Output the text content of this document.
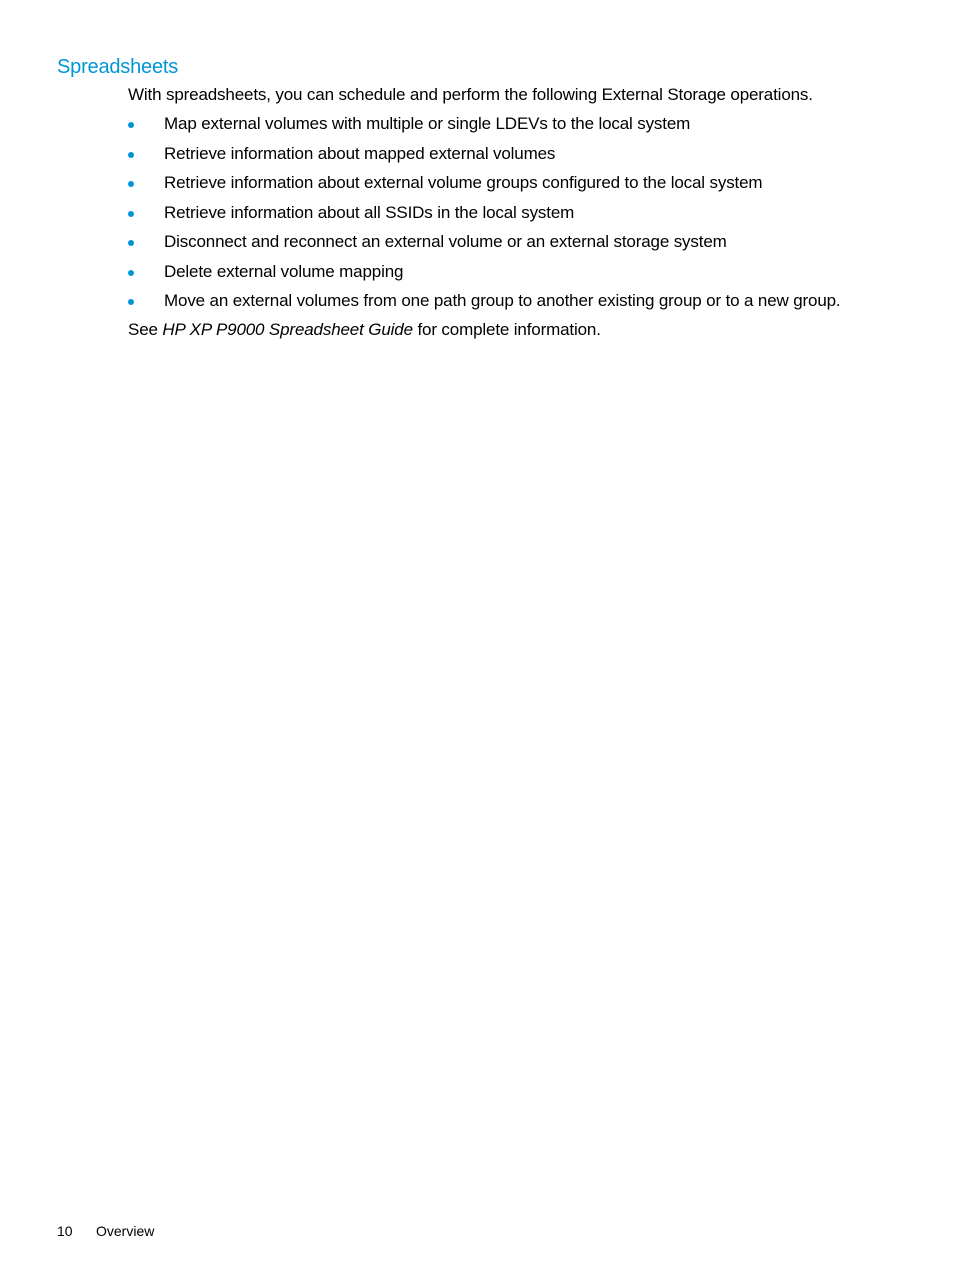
Spreadsheets

With spreadsheets, you can schedule and perform the following External Storage operations.

Map external volumes with multiple or single LDEVs to the local system
Retrieve information about mapped external volumes
Retrieve information about external volume groups configured to the local system
Retrieve information about all SSIDs in the local system
Disconnect and reconnect an external volume or an external storage system
Delete external volume mapping
Move an external volumes from one path group to another existing group or to a new group.

See HP XP P9000 Spreadsheet Guide for complete information.

10 Overview
